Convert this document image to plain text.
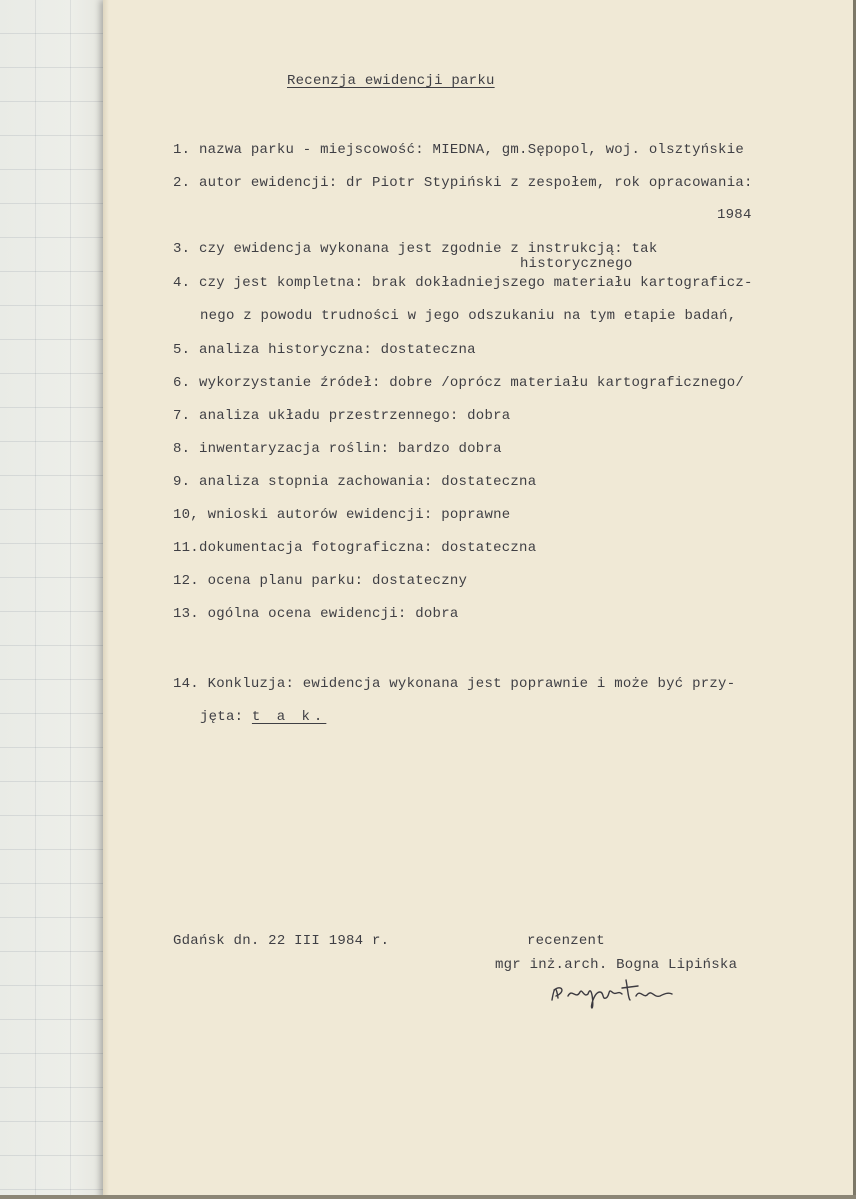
Recenzja ewidencji parku
1. nazwa parku - miejscowość: MIEDNA, gm.Sępopol, woj. olsztyńskie
2. autor ewidencji: dr Piotr Stypiński z zespołem, rok opracowania:
1984
historycznego
3. czy ewidencja wykonana jest zgodnie z instrukcją: tak
4. czy jest kompletna: brak dokładniejszego materiału kartograficz-
nego z powodu trudności w jego odszukaniu na tym etapie badań,
5. analiza historyczna: dostateczna
6. wykorzystanie źródeł: dobre /oprócz materiału kartograficznego/
7. analiza układu przestrzennego: dobra
8. inwentaryzacja roślin: bardzo dobra
9. analiza stopnia zachowania: dostateczna
10, wnioski autorów ewidencji: poprawne
11.dokumentacja fotograficzna: dostateczna
12. ocena planu parku: dostateczny
13. ogólna ocena ewidencji: dobra
14. Konkluzja: ewidencja wykonana jest poprawnie i może być przy-
jęta: t a k.
Gdańsk dn. 22 III 1984 r.	recenzent
mgr inż.arch. Bogna Lipińska
